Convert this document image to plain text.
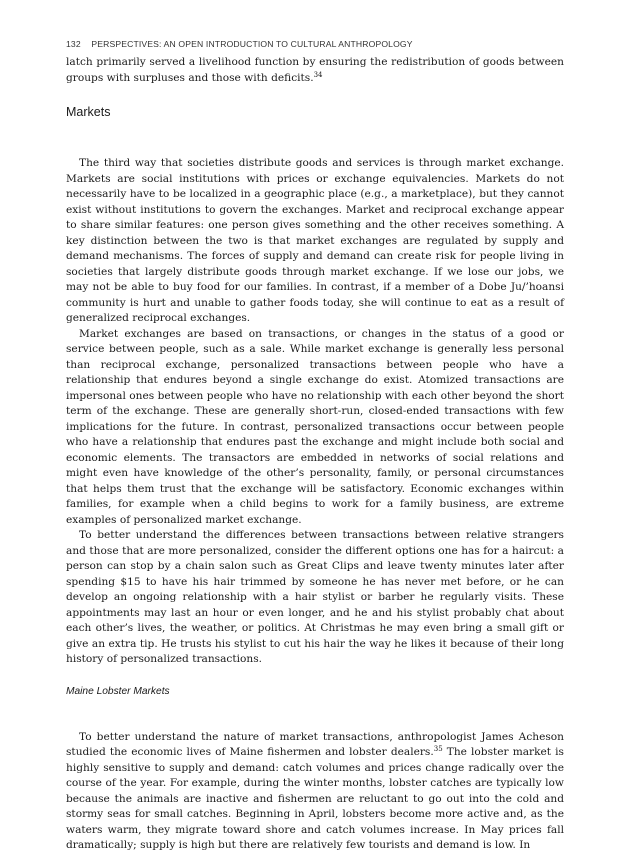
132 PERSPECTIVES: AN OPEN INTRODUCTION TO CULTURAL ANTHROPOLOGY

latch primarily served a livelihood function by ensuring the redistribution of goods between groups with surpluses and those with deficits.$^{34}$

Markets

The third way that societies distribute goods and services is through market exchange. Markets are social institutions with prices or exchange equivalencies. Markets do not necessarily have to be localized in a geographic place (e.g., a marketplace), but they cannot exist without institutions to govern the exchanges. Market and reciprocal exchange appear to share similar features: one person gives something and the other receives something. A key distinction between the two is that market exchanges are regulated by supply and demand mechanisms. The forces of supply and demand can create risk for people living in societies that largely distribute goods through market exchange. If we lose our jobs, we may not be able to buy food for our families. In contrast, if a member of a Dobe Ju/’hoansi community is hurt and unable to gather foods today, she will continue to eat as a result of generalized reciprocal exchanges.

Market exchanges are based on transactions, or changes in the status of a good or service between people, such as a sale. While market exchange is generally less personal than reciprocal exchange, personalized transactions between people who have a relationship that endures beyond a single exchange do exist. Atomized transactions are impersonal ones between people who have no relationship with each other beyond the short term of the exchange. These are generally short-run, closed-ended transactions with few implications for the future. In contrast, personalized transactions occur between people who have a relationship that endures past the exchange and might include both social and economic elements. The transactors are embedded in networks of social relations and might even have knowledge of the other’s personality, family, or personal circumstances that helps them trust that the exchange will be satisfactory. Economic exchanges within families, for example when a child begins to work for a family business, are extreme examples of personalized market exchange.

To better understand the differences between transactions between relative strangers and those that are more personalized, consider the different options one has for a haircut: a person can stop by a chain salon such as Great Clips and leave twenty minutes later after spending $15 to have his hair trimmed by someone he has never met before, or he can develop an ongoing relationship with a hair stylist or barber he regularly visits. These appointments may last an hour or even longer, and he and his stylist probably chat about each other’s lives, the weather, or politics. At Christmas he may even bring a small gift or give an extra tip. He trusts his stylist to cut his hair the way he likes it because of their long history of personalized transactions.

Maine Lobster Markets

To better understand the nature of market transactions, anthropologist James Acheson studied the economic lives of Maine fishermen and lobster dealers.$^{35}$ The lobster market is highly sensitive to supply and demand: catch volumes and prices change radically over the course of the year. For example, during the winter months, lobster catches are typically low because the animals are inactive and fishermen are reluctant to go out into the cold and stormy seas for small catches. Beginning in April, lobsters become more active and, as the waters warm, they migrate toward shore and catch volumes increase. In May prices fall dramatically; supply is high but there are relatively few tourists and demand is low. In
